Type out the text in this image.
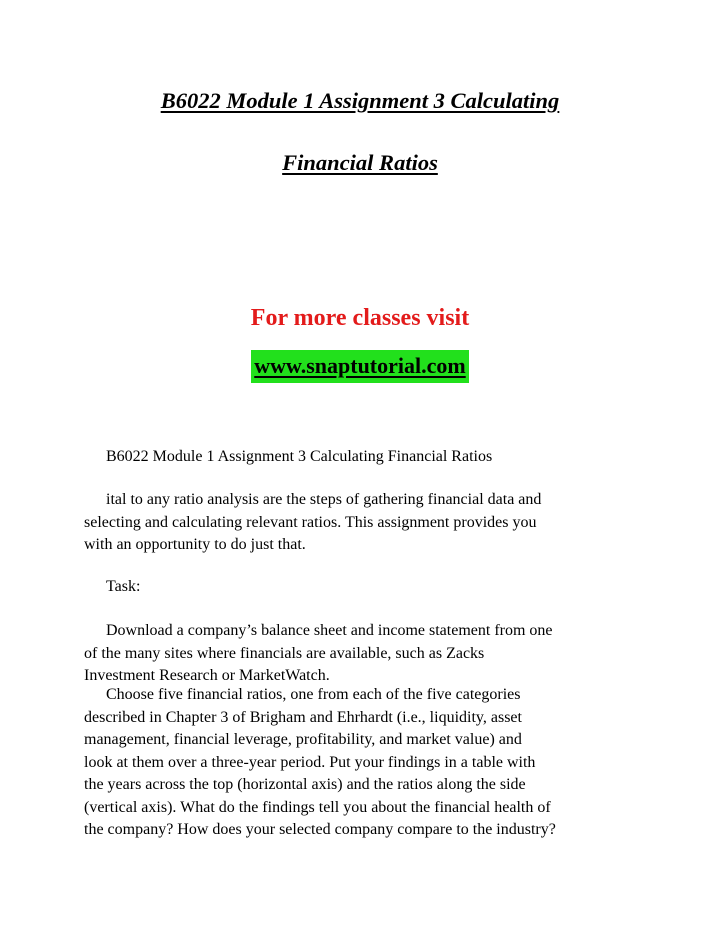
B6022 Module 1 Assignment 3 Calculating
Financial Ratios
For more classes visit
www.snaptutorial.com
B6022 Module 1 Assignment 3 Calculating Financial Ratios
ital to any ratio analysis are the steps of gathering financial data and
selecting and calculating relevant ratios. This assignment provides you
with an opportunity to do just that.
Task:
Download a company’s balance sheet and income statement from one
of the many sites where financials are available, such as Zacks
Investment Research or MarketWatch.
Choose five financial ratios, one from each of the five categories
described in Chapter 3 of Brigham and Ehrhardt (i.e., liquidity, asset
management, financial leverage, profitability, and market value) and
look at them over a three-year period. Put your findings in a table with
the years across the top (horizontal axis) and the ratios along the side
(vertical axis). What do the findings tell you about the financial health of
the company? How does your selected company compare to the industry?
